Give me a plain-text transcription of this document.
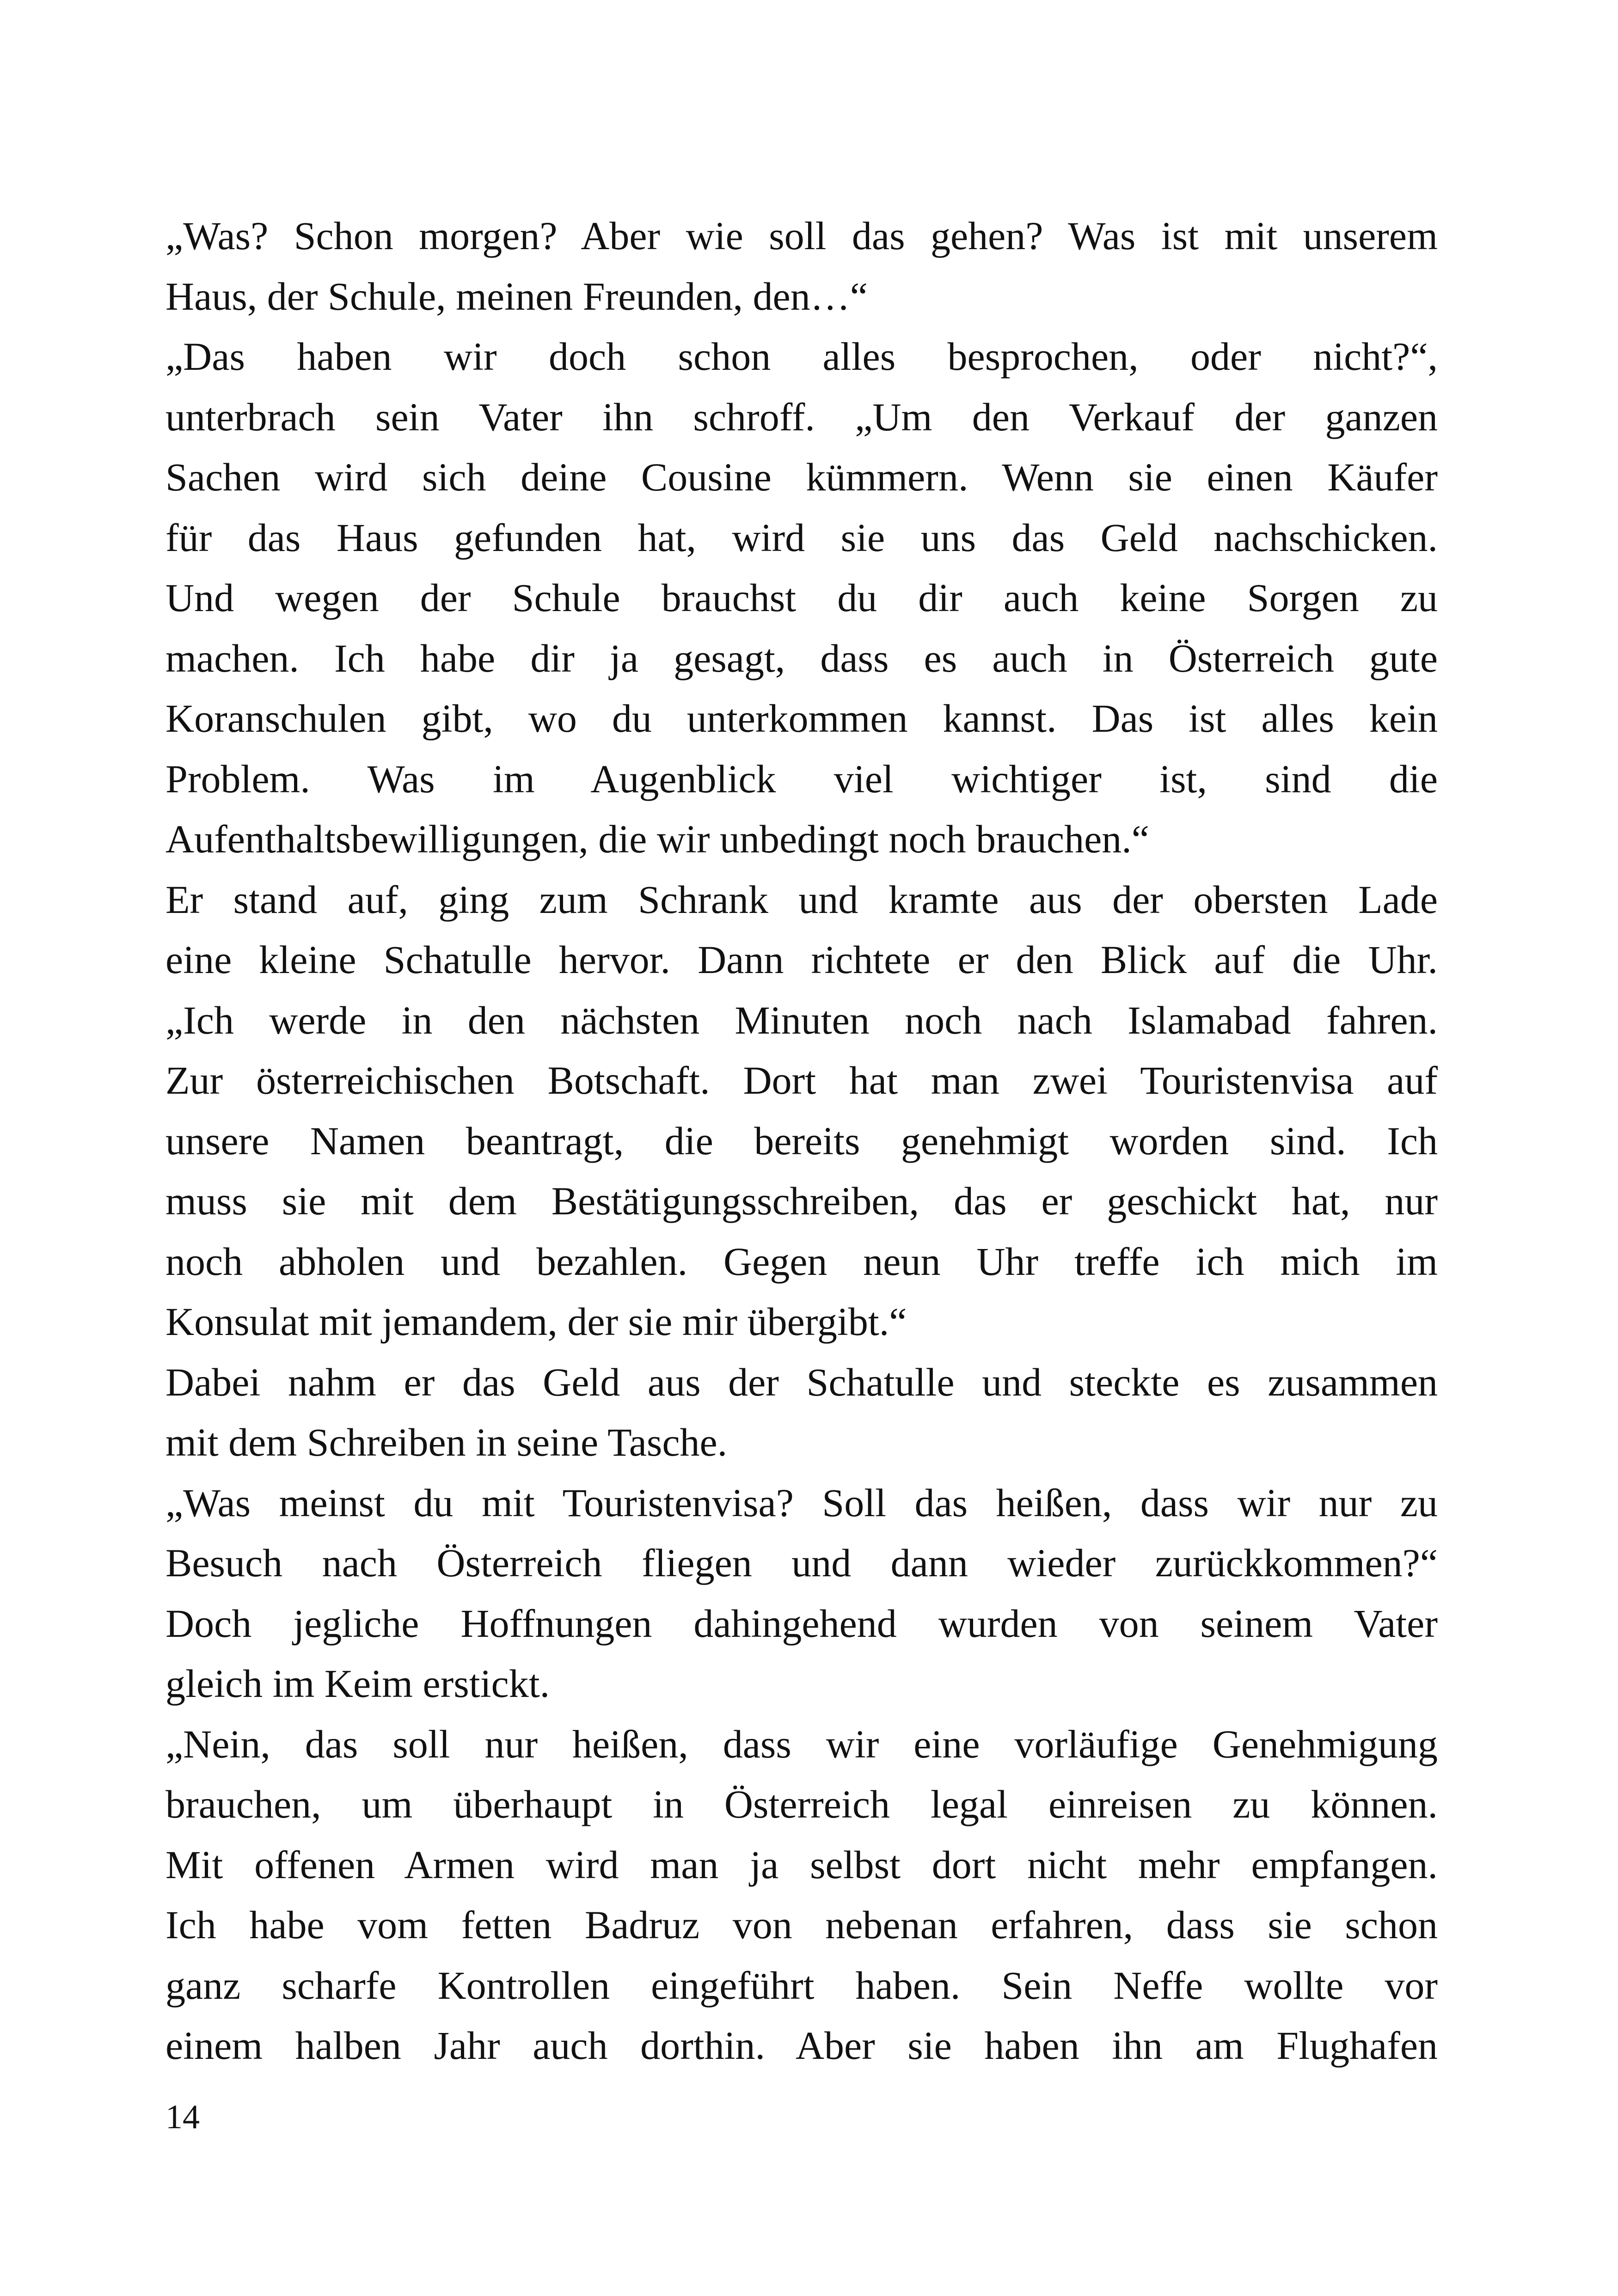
„Was? Schon morgen? Aber wie soll das gehen? Was ist mit unserem
Haus, der Schule, meinen Freunden, den…“
„Das haben wir doch schon alles besprochen, oder nicht?“,
unterbrach sein Vater ihn schroff. „Um den Verkauf der ganzen
Sachen wird sich deine Cousine kümmern. Wenn sie einen Käufer
für das Haus gefunden hat, wird sie uns das Geld nachschicken.
Und wegen der Schule brauchst du dir auch keine Sorgen zu
machen. Ich habe dir ja gesagt, dass es auch in Österreich gute
Koranschulen gibt, wo du unterkommen kannst. Das ist alles kein
Problem. Was im Augenblick viel wichtiger ist, sind die
Aufenthaltsbewilligungen, die wir unbedingt noch brauchen.“
Er stand auf, ging zum Schrank und kramte aus der obersten Lade
eine kleine Schatulle hervor. Dann richtete er den Blick auf die Uhr.
„Ich werde in den nächsten Minuten noch nach Islamabad fahren.
Zur österreichischen Botschaft. Dort hat man zwei Touristenvisa auf
unsere Namen beantragt, die bereits genehmigt worden sind. Ich
muss sie mit dem Bestätigungsschreiben, das er geschickt hat, nur
noch abholen und bezahlen. Gegen neun Uhr treffe ich mich im
Konsulat mit jemandem, der sie mir übergibt.“
Dabei nahm er das Geld aus der Schatulle und steckte es zusammen
mit dem Schreiben in seine Tasche.
„Was meinst du mit Touristenvisa? Soll das heißen, dass wir nur zu
Besuch nach Österreich fliegen und dann wieder zurückkommen?“
Doch jegliche Hoffnungen dahingehend wurden von seinem Vater
gleich im Keim erstickt.
„Nein, das soll nur heißen, dass wir eine vorläufige Genehmigung
brauchen, um überhaupt in Österreich legal einreisen zu können.
Mit offenen Armen wird man ja selbst dort nicht mehr empfangen.
Ich habe vom fetten Badruz von nebenan erfahren, dass sie schon
ganz scharfe Kontrollen eingeführt haben. Sein Neffe wollte vor
einem halben Jahr auch dorthin. Aber sie haben ihn am Flughafen
14
